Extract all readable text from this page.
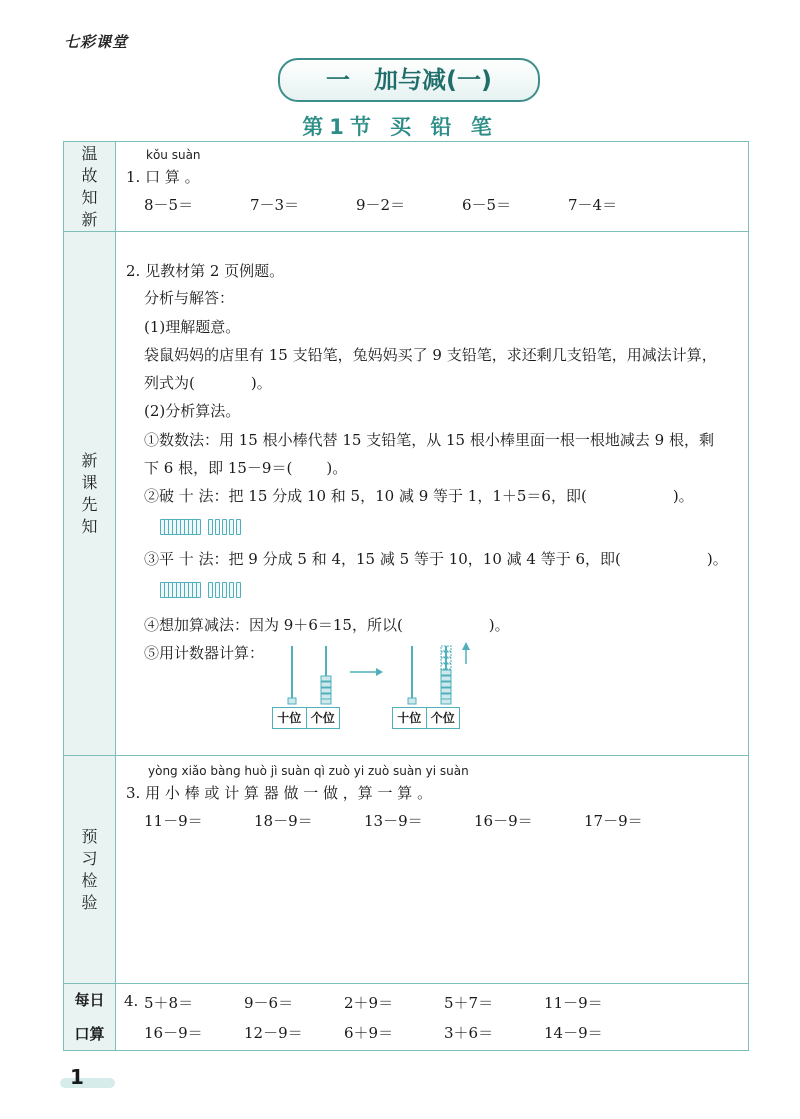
七彩课堂
一　加与减(一)
第1节 买 铅 笔
温故知新
kǒu suàn
1. 口 算 。
8－5＝	7－3＝	9－2＝	6－5＝	7－4＝
新课先知
2. 见教材第 2 页例题。
分析与解答：
(1)理解题意。
袋鼠妈妈的店里有 15 支铅笔，兔妈妈买了 9 支铅笔，求还剩几支铅笔，用减法计算，
列式为(	)。
(2)分析算法。
①数数法：用 15 根小棒代替 15 支铅笔，从 15 根小棒里面一根一根地减去 9 根，剩
下 6 根，即 15－9＝( )。
②破 十 法：把 15 分成 10 和 5，10 减 9 等于 1，1＋5＝6，即(	)。
③平 十 法：把 9 分成 5 和 4，15 减 5 等于 10，10 减 4 等于 6，即(	)。
④想加算减法：因为 9＋6＝15，所以(	)。
⑤用计数器计算：
十位 个位	十位 个位
预习检验
yòng xiǎo bàng huò jì suàn qì zuò yi zuò suàn yi suàn
3. 用 小 棒 或 计 算 器 做 一 做 ，算 一 算 。
11－9＝	18－9＝	13－9＝	16－9＝	17－9＝
每日
口算
4. 5＋8＝	9－6＝	2＋9＝	5＋7＝	11－9＝
16－9＝	12－9＝	6＋9＝	3＋6＝	14－9＝
1
